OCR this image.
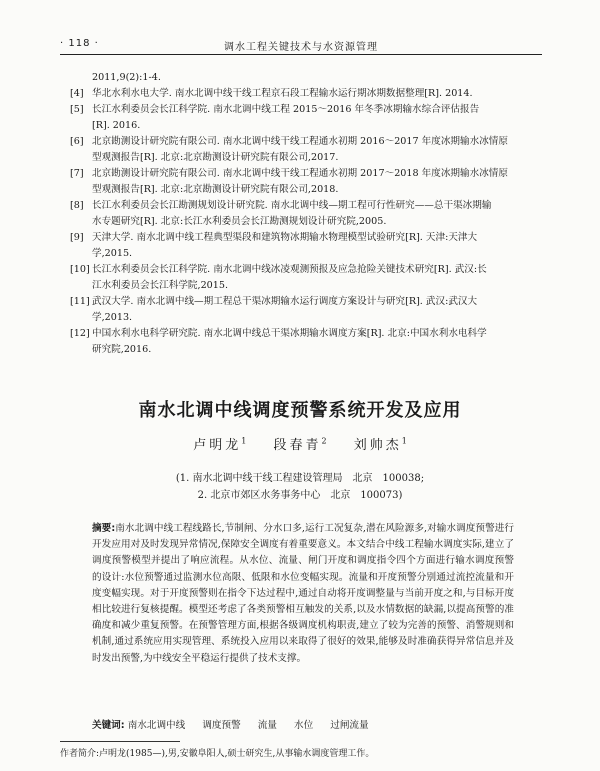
· 118 ·	调水工程关键技术与水资源管理
2011,9(2):1-4.
[4] 华北水利水电大学. 南水北调中线干线工程京石段工程输水运行期冰期数据整理[R]. 2014.
[5] 长江水利委员会长江科学院. 南水北调中线工程 2015～2016 年冬季冰期输水综合评估报告
[R]. 2016.
[6] 北京勘测设计研究院有限公司. 南水北调中线干线工程通水初期 2016～2017 年度冰期输水冰情原
型观测报告[R]. 北京:北京勘测设计研究院有限公司,2017.
[7] 北京勘测设计研究院有限公司. 南水北调中线干线工程通水初期 2017～2018 年度冰期输水冰情原
型观测报告[R]. 北京:北京勘测设计研究院有限公司,2018.
[8] 长江水利委员会长江勘测规划设计研究院. 南水北调中线—期工程可行性研究——总干渠冰期输
水专题研究[R]. 北京:长江水利委员会长江勘测规划设计研究院,2005.
[9] 天津大学. 南水北调中线工程典型渠段和建筑物冰期输水物理模型试验研究[R]. 天津:天津大
学,2015.
[10] 长江水利委员会长江科学院. 南水北调中线冰凌观测预报及应急抢险关键技术研究[R]. 武汉:长
江水利委员会长江科学院,2015.
[11] 武汉大学. 南水北调中线—期工程总干渠冰期输水运行调度方案设计与研究[R]. 武汉:武汉大
学,2013.
[12] 中国水利水电科学研究院. 南水北调中线总干渠冰期输水调度方案[R]. 北京:中国水利水电科学
研究院,2016.
南水北调中线调度预警系统开发及应用
卢明龙$^1$ 段春青$^2$ 刘帅杰$^1$
(1. 南水北调中线干线工程建设管理局　北京　100038;
2. 北京市郊区水务事务中心　北京　100073)

摘要:南水北调中线工程线路长,节制闸、分水口多,运行工况复杂,潜在风险源多,对输水调度预警进行开发应用对及时发现异常情况,保障安全调度有着重要意义。本文结合中线工程输水调度实际,建立了调度预警模型并提出了响应流程。从水位、流量、闸门开度和调度指令四个方面进行输水调度预警的设计:水位预警通过监测水位高限、低限和水位变幅实现。流量和开度预警分别通过流控流量和开度变幅实现。对于开度预警则在指令下达过程中,通过自动将开度调整量与当前开度之和,与目标开度相比较进行复核提醒。模型还考虑了各类预警相互触发的关系,以及水情数据的缺漏,以提高预警的准确度和减少重复预警。在预警管理方面,根据各级调度机构职责,建立了较为完善的预警、消警规则和机制,通过系统应用实现管理、系统投入应用以来取得了很好的效果,能够及时准确获得异常信息并及时发出预警,为中线安全平稳运行提供了技术支撑。

关键词: 南水北调中线 调度预警 流量 水位 过闸流量

作者简介:卢明龙(1985—),男,安徽阜阳人,硕士研究生,从事输水调度管理工作。
